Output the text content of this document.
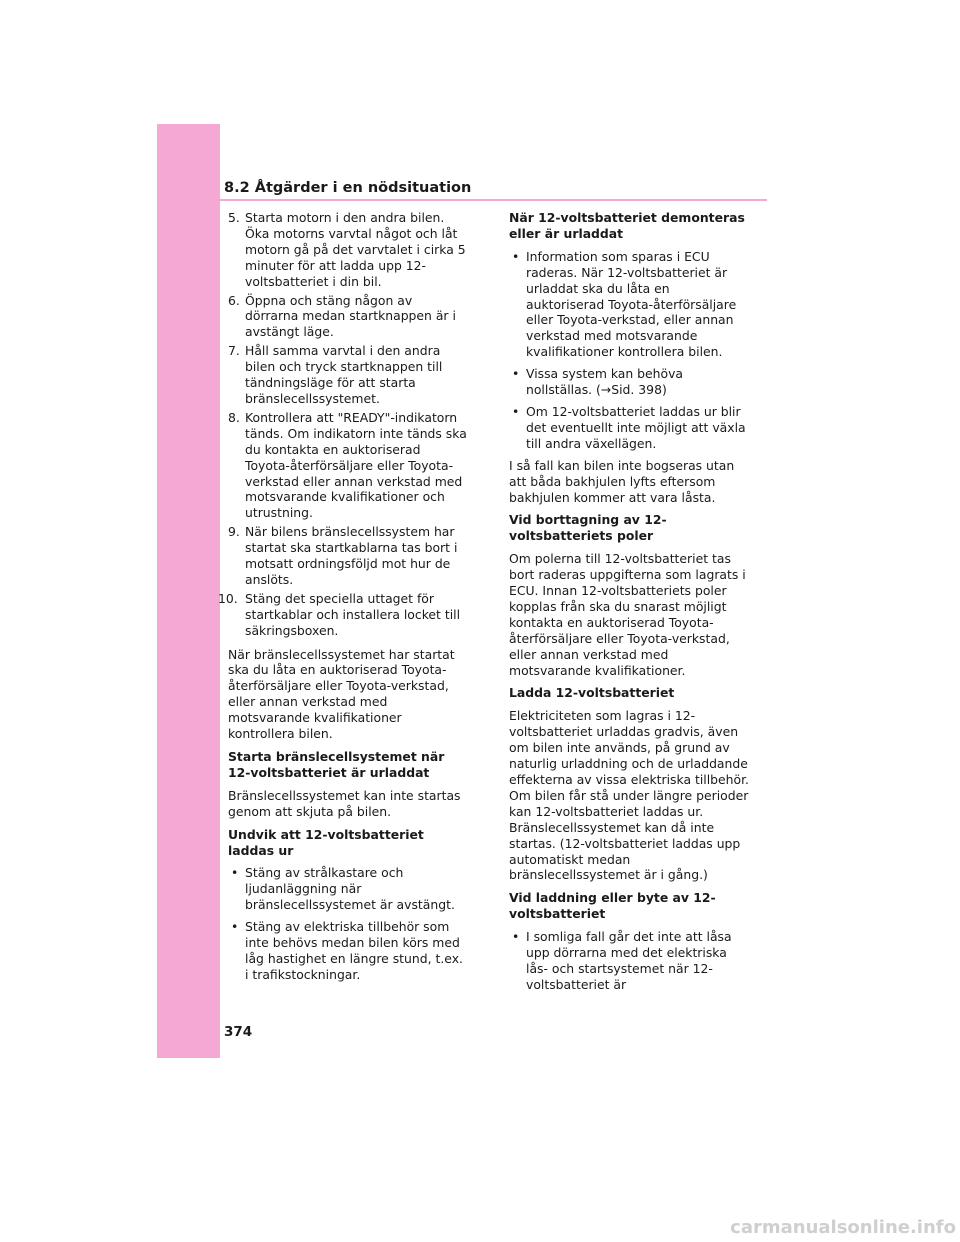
8.2 Åtgärder i en nödsituation
5. Starta motorn i den andra bilen. Öka motorns varvtal något och låt motorn gå på det varvtalet i cirka 5 minuter för att ladda upp 12-voltsbatteriet i din bil.
6. Öppna och stäng någon av dörrarna medan startknappen är i avstängt läge.
7. Håll samma varvtal i den andra bilen och tryck startknappen till tändningsläge för att starta bränslecellssystemet.
8. Kontrollera att "READY"-indikatorn tänds. Om indikatorn inte tänds ska du kontakta en auktoriserad Toyota-återförsäljare eller Toyota-verkstad eller annan verkstad med motsvarande kvalifikationer och utrustning.
9. När bilens bränslecellssystem har startat ska startkablarna tas bort i motsatt ordningsföljd mot hur de anslöts.
10. Stäng det speciella uttaget för startkablar och installera locket till säkringsboxen.

När bränslecellssystemet har startat ska du låta en auktoriserad Toyota-återförsäljare eller Toyota-verkstad, eller annan verkstad med motsvarande kvalifikationer kontrollera bilen.

Starta bränslecellsystemet när 12-voltsbatteriet är urladdat

Bränslecellssystemet kan inte startas genom att skjuta på bilen.

Undvik att 12-voltsbatteriet laddas ur
• Stäng av strålkastare och ljudanläggning när bränslecellssystemet är avstängt.
• Stäng av elektriska tillbehör som inte behövs medan bilen körs med låg hastighet en längre stund, t.ex. i trafikstockningar.
När 12-voltsbatteriet demonteras eller är urladdat
• Information som sparas i ECU raderas. När 12-voltsbatteriet är urladdat ska du låta en auktoriserad Toyota-återförsäljare eller Toyota-verkstad, eller annan verkstad med motsvarande kvalifikationer kontrollera bilen.
• Vissa system kan behöva nollställas. (→Sid. 398)
• Om 12-voltsbatteriet laddas ur blir det eventuellt inte möjligt att växla till andra växellägen.

I så fall kan bilen inte bogseras utan att båda bakhjulen lyfts eftersom bakhjulen kommer att vara låsta.

Vid borttagning av 12-voltsbatteriets poler

Om polerna till 12-voltsbatteriet tas bort raderas uppgifterna som lagrats i ECU. Innan 12-voltsbatteriets poler kopplas från ska du snarast möjligt kontakta en auktoriserad Toyota-återförsäljare eller Toyota-verkstad, eller annan verkstad med motsvarande kvalifikationer.

Ladda 12-voltsbatteriet

Elektriciteten som lagras i 12-voltsbatteriet urladdas gradvis, även om bilen inte används, på grund av naturlig urladdning och de urladdande effekterna av vissa elektriska tillbehör. Om bilen får stå under längre perioder kan 12-voltsbatteriet laddas ur. Bränslecellssystemet kan då inte startas. (12-voltsbatteriet laddas upp automatiskt medan bränslecellssystemet är i gång.)

Vid laddning eller byte av 12-voltsbatteriet
• I somliga fall går det inte att låsa upp dörrarna med det elektriska lås- och startsystemet när 12-voltsbatteriet är
374
carmanualsonline.info
